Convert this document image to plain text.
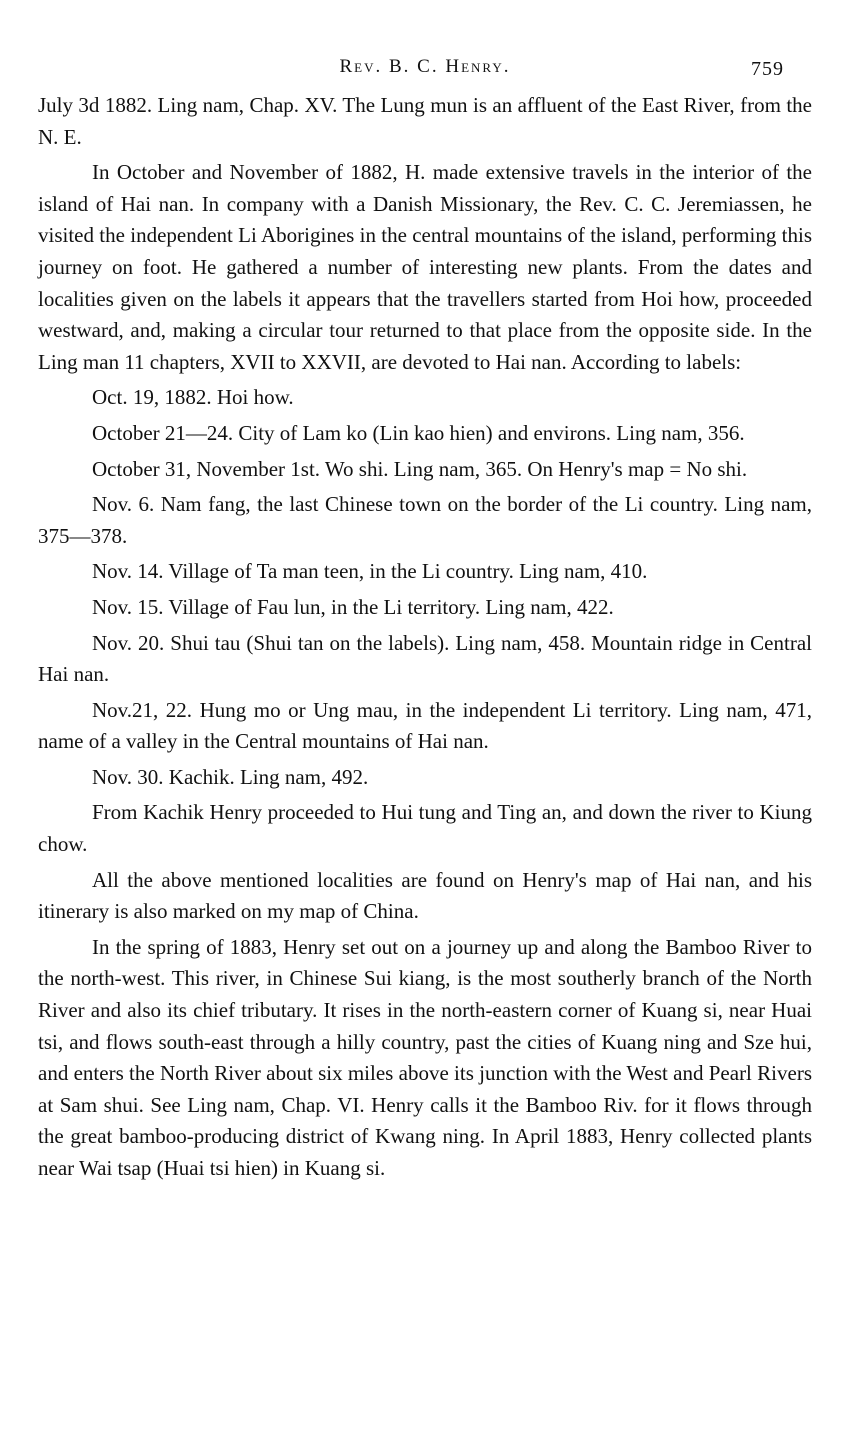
Rev. B. C. Henry.	759

July 3d 1882. Ling nam, Chap. XV. The Lung mun is an affluent of the East River, from the N. E.

In October and November of 1882, H. made extensive travels in the interior of the island of Hai nan. In company with a Danish Missionary, the Rev. C. C. Jeremiassen, he visited the independent Li Aborigines in the central mountains of the island, performing this journey on foot. He gathered a number of interesting new plants. From the dates and localities given on the labels it appears that the travellers started from Hoi how, proceeded westward, and, making a circular tour returned to that place from the opposite side. In the Ling man 11 chapters, XVII to XXVII, are devoted to Hai nan. According to labels:

Oct. 19, 1882. Hoi how.

October 21—24. City of Lam ko (Lin kao hien) and environs. Ling nam, 356.

October 31, November 1st. Wo shi. Ling nam, 365. On Henry's map = No shi.

Nov. 6. Nam fang, the last Chinese town on the border of the Li country. Ling nam, 375—378.

Nov. 14. Village of Ta man teen, in the Li country. Ling nam, 410.

Nov. 15. Village of Fau lun, in the Li territory. Ling nam, 422.

Nov. 20. Shui tau (Shui tan on the labels). Ling nam, 458. Mountain ridge in Central Hai nan.

Nov.21, 22. Hung mo or Ung mau, in the independent Li territory. Ling nam, 471, name of a valley in the Central mountains of Hai nan.

Nov. 30. Kachik. Ling nam, 492.

From Kachik Henry proceeded to Hui tung and Ting an, and down the river to Kiung chow.

All the above mentioned localities are found on Henry's map of Hai nan, and his itinerary is also marked on my map of China.

In the spring of 1883, Henry set out on a journey up and along the Bamboo River to the north-west. This river, in Chinese Sui kiang, is the most southerly branch of the North River and also its chief tributary. It rises in the north-eastern corner of Kuang si, near Huai tsi, and flows south-east through a hilly country, past the cities of Kuang ning and Sze hui, and enters the North River about six miles above its junction with the West and Pearl Rivers at Sam shui. See Ling nam, Chap. VI. Henry calls it the Bamboo Riv. for it flows through the great bamboo-producing district of Kwang ning. In April 1883, Henry collected plants near Wai tsap (Huai tsi hien) in Kuang si.
